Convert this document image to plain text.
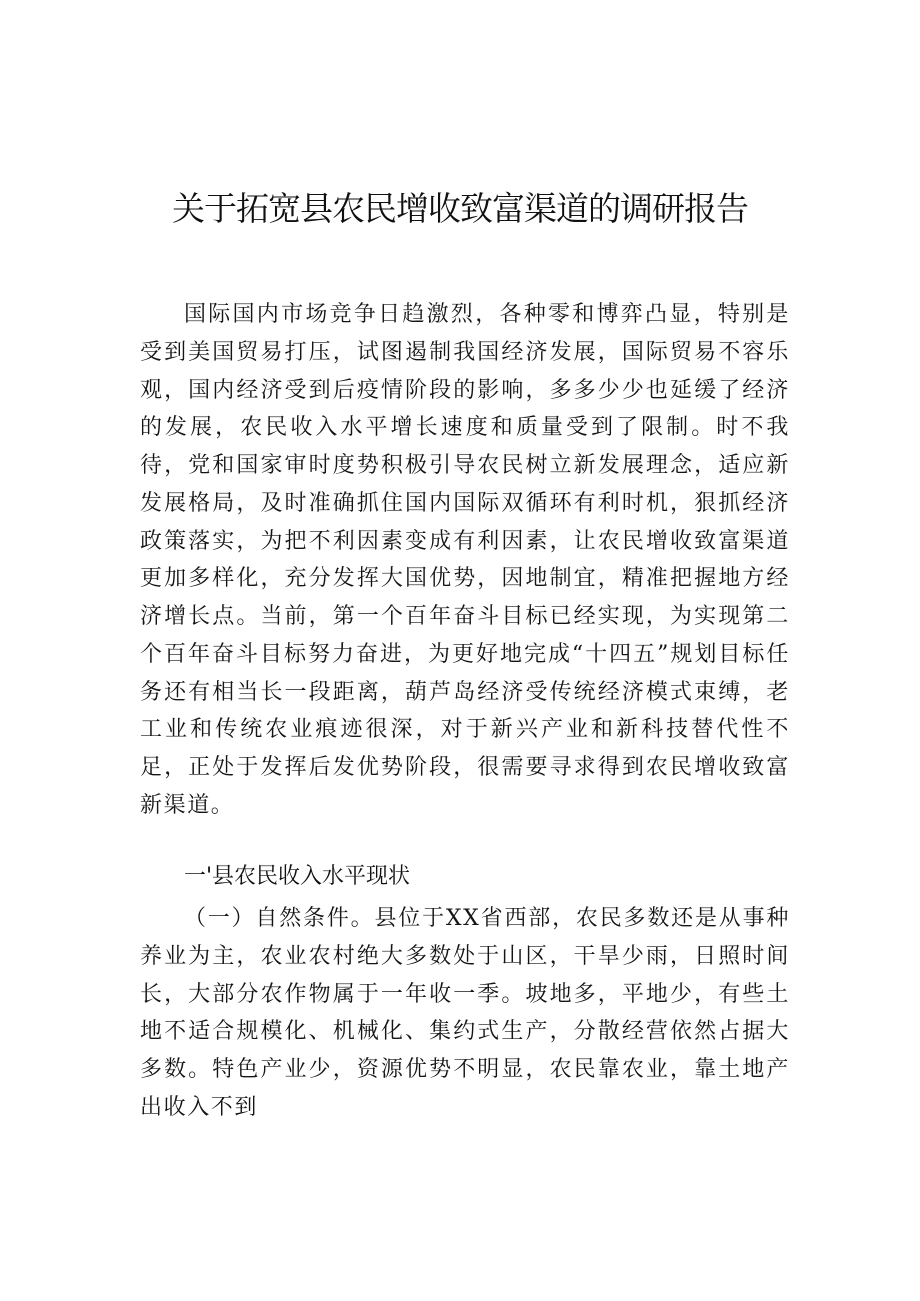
关于拓宽县农民增收致富渠道的调研报告

国际国内市场竞争日趋激烈，各种零和博弈凸显，特别是受到美国贸易打压，试图遏制我国经济发展，国际贸易不容乐观，国内经济受到后疫情阶段的影响，多多少少也延缓了经济的发展，农民收入水平增长速度和质量受到了限制。时不我待，党和国家审时度势积极引导农民树立新发展理念，适应新发展格局，及时准确抓住国内国际双循环有利时机，狠抓经济政策落实，为把不利因素变成有利因素，让农民增收致富渠道更加多样化，充分发挥大国优势，因地制宜，精准把握地方经济增长点。当前，第一个百年奋斗目标已经实现，为实现第二个百年奋斗目标努力奋进，为更好地完成“十四五”规划目标任务还有相当长一段距离，葫芦岛经济受传统经济模式束缚，老工业和传统农业痕迹很深，对于新兴产业和新科技替代性不足，正处于发挥后发优势阶段，很需要寻求得到农民增收致富新渠道。

一'县农民收入水平现状

（一）自然条件。县位于XX省西部，农民多数还是从事种养业为主，农业农村绝大多数处于山区，干旱少雨，日照时间长，大部分农作物属于一年收一季。坡地多，平地少，有些土地不适合规模化、机械化、集约式生产，分散经营依然占据大多数。特色产业少，资源优势不明显，农民靠农业，靠土地产出收入不到
